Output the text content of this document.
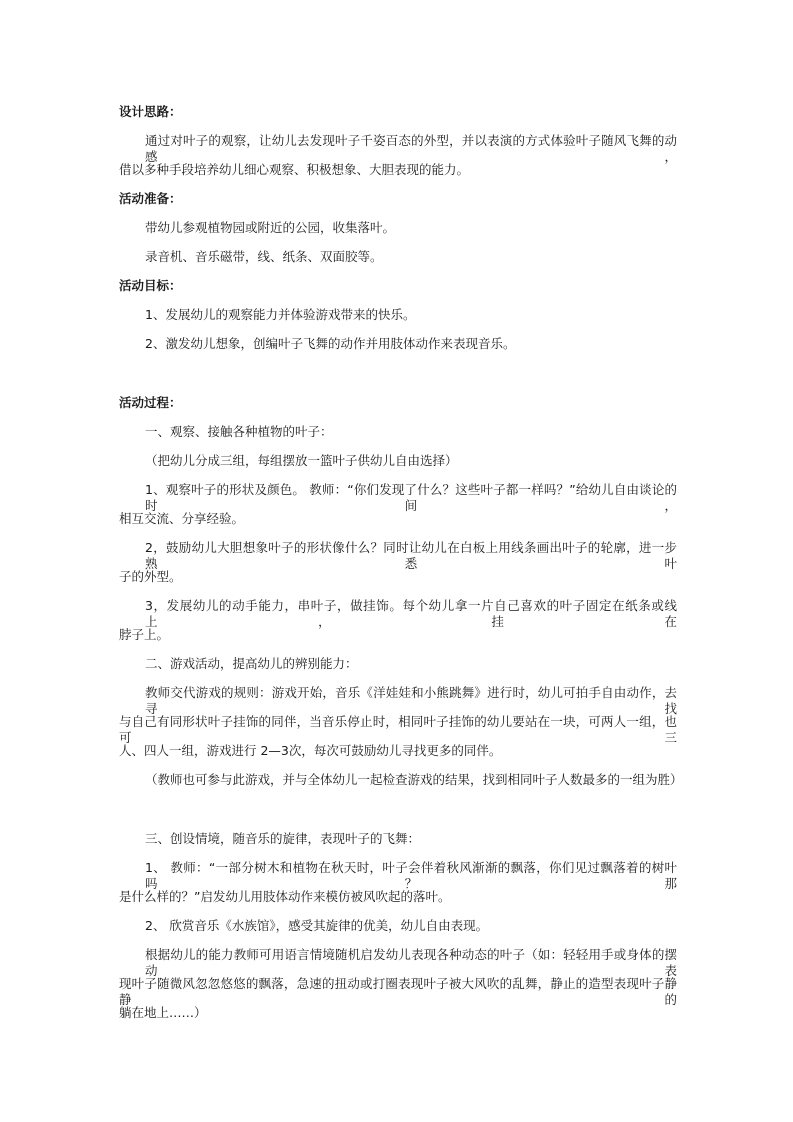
设计思路：
通过对叶子的观察，让幼儿去发现叶子千姿百态的外型，并以表演的方式体验叶子随风飞舞的动感，
借以多种手段培养幼儿细心观察、积极想象、大胆表现的能力。
活动准备：
带幼儿参观植物园或附近的公园，收集落叶。
录音机、音乐磁带，线、纸条、双面胶等。
活动目标：
1、发展幼儿的观察能力并体验游戏带来的快乐。
2、激发幼儿想象，创编叶子飞舞的动作并用肢体动作来表现音乐。
活动过程：
一、观察、接触各种植物的叶子：
（把幼儿分成三组，每组摆放一篮叶子供幼儿自由选择）
1、观察叶子的形状及颜色。 教师：“你们发现了什么？这些叶子都一样吗？”给幼儿自由谈论的时间，
相互交流、分享经验。
2，鼓励幼儿大胆想象叶子的形状像什么？同时让幼儿在白板上用线条画出叶子的轮廓，进一步熟悉叶
子的外型。
3，发展幼儿的动手能力，串叶子，做挂饰。每个幼儿拿一片自己喜欢的叶子固定在纸条或线上，挂在
脖子上。
二、游戏活动，提高幼儿的辨别能力：
教师交代游戏的规则：游戏开始，音乐《洋娃娃和小熊跳舞》进行时，幼儿可拍手自由动作，去寻找
与自己有同形状叶子挂饰的同伴，当音乐停止时，相同叶子挂饰的幼儿要站在一块，可两人一组，也可三
人、四人一组，游戏进行 2—3次，每次可鼓励幼儿寻找更多的同伴。
（教师也可参与此游戏，并与全体幼儿一起检查游戏的结果，找到相同叶子人数最多的一组为胜）
三、创设情境，随音乐的旋律，表现叶子的飞舞：
1、 教师：“一部分树木和植物在秋天时，叶子会伴着秋风渐渐的飘落，你们见过飘落着的树叶吗？那
是什么样的？”启发幼儿用肢体动作来模仿被风吹起的落叶。
2、 欣赏音乐《水族馆》，感受其旋律的优美，幼儿自由表现。
根据幼儿的能力教师可用语言情境随机启发幼儿表现各种动态的叶子（如：轻轻用手或身体的摆动表
现叶子随微风忽忽悠悠的飘落，急速的扭动或打圈表现叶子被大风吹的乱舞，静止的造型表现叶子静静的
躺在地上……）
